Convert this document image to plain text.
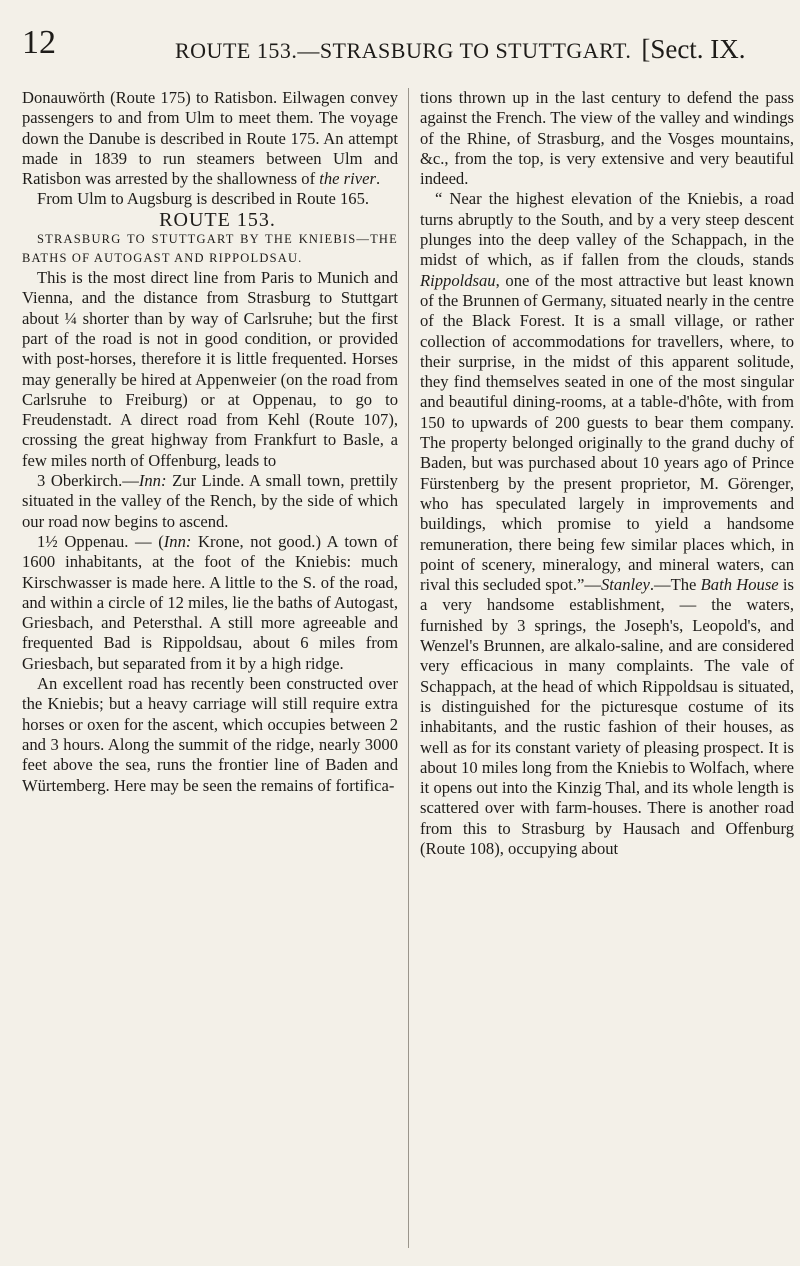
12	ROUTE 153.—STRASBURG TO STUTTGART. [Sect. IX.

Donauwörth (Route 175) to Ratisbon. Eilwagen convey passengers to and from Ulm to meet them. The voyage down the Danube is described in Route 175. An attempt made in 1839 to run steamers between Ulm and Ratisbon was arrested by the shallowness of the river.

From Ulm to Augsburg is described in Route 165.

ROUTE 153.

STRASBURG TO STUTTGART BY THE KNIEBIS—THE BATHS OF AUTOGAST AND RIPPOLDSAU.

This is the most direct line from Paris to Munich and Vienna, and the distance from Strasburg to Stuttgart about ¼ shorter than by way of Carlsruhe; but the first part of the road is not in good condition, or provided with post-horses, therefore it is little frequented. Horses may generally be hired at Appenweier (on the road from Carlsruhe to Freiburg) or at Oppenau, to go to Freudenstadt. A direct road from Kehl (Route 107), crossing the great highway from Frankfurt to Basle, a few miles north of Offenburg, leads to

3 Oberkirch.—Inn: Zur Linde. A small town, prettily situated in the valley of the Rench, by the side of which our road now begins to ascend.

1½ Oppenau. — (Inn: Krone, not good.) A town of 1600 inhabitants, at the foot of the Kniebis: much Kirschwasser is made here. A little to the S. of the road, and within a circle of 12 miles, lie the baths of Autogast, Griesbach, and Petersthal. A still more agreeable and frequented Bad is Rippoldsau, about 6 miles from Griesbach, but separated from it by a high ridge.

An excellent road has recently been constructed over the Kniebis; but a heavy carriage will still require extra horses or oxen for the ascent, which occupies between 2 and 3 hours. Along the summit of the ridge, nearly 3000 feet above the sea, runs the frontier line of Baden and Würtemberg. Here may be seen the remains of fortifica-

tions thrown up in the last century to defend the pass against the French. The view of the valley and windings of the Rhine, of Strasburg, and the Vosges mountains, &c., from the top, is very extensive and very beautiful indeed.

“ Near the highest elevation of the Kniebis, a road turns abruptly to the South, and by a very steep descent plunges into the deep valley of the Schappach, in the midst of which, as if fallen from the clouds, stands Rippoldsau, one of the most attractive but least known of the Brunnen of Germany, situated nearly in the centre of the Black Forest. It is a small village, or rather collection of accommodations for travellers, where, to their surprise, in the midst of this apparent solitude, they find themselves seated in one of the most singular and beautiful dining-rooms, at a table-d'hôte, with from 150 to upwards of 200 guests to bear them company. The property belonged originally to the grand duchy of Baden, but was purchased about 10 years ago of Prince Fürstenberg by the present proprietor, M. Görenger, who has speculated largely in improvements and buildings, which promise to yield a handsome remuneration, there being few similar places which, in point of scenery, mineralogy, and mineral waters, can rival this secluded spot.”—Stanley.—The Bath House is a very handsome establishment, — the waters, furnished by 3 springs, the Joseph's, Leopold's, and Wenzel's Brunnen, are alkalo-saline, and are considered very efficacious in many complaints. The vale of Schappach, at the head of which Rippoldsau is situated, is distinguished for the picturesque costume of its inhabitants, and the rustic fashion of their houses, as well as for its constant variety of pleasing prospect. It is about 10 miles long from the Kniebis to Wolfach, where it opens out into the Kinzig Thal, and its whole length is scattered over with farm-houses. There is another road from this to Strasburg by Hausach and Offenburg (Route 108), occupying about
